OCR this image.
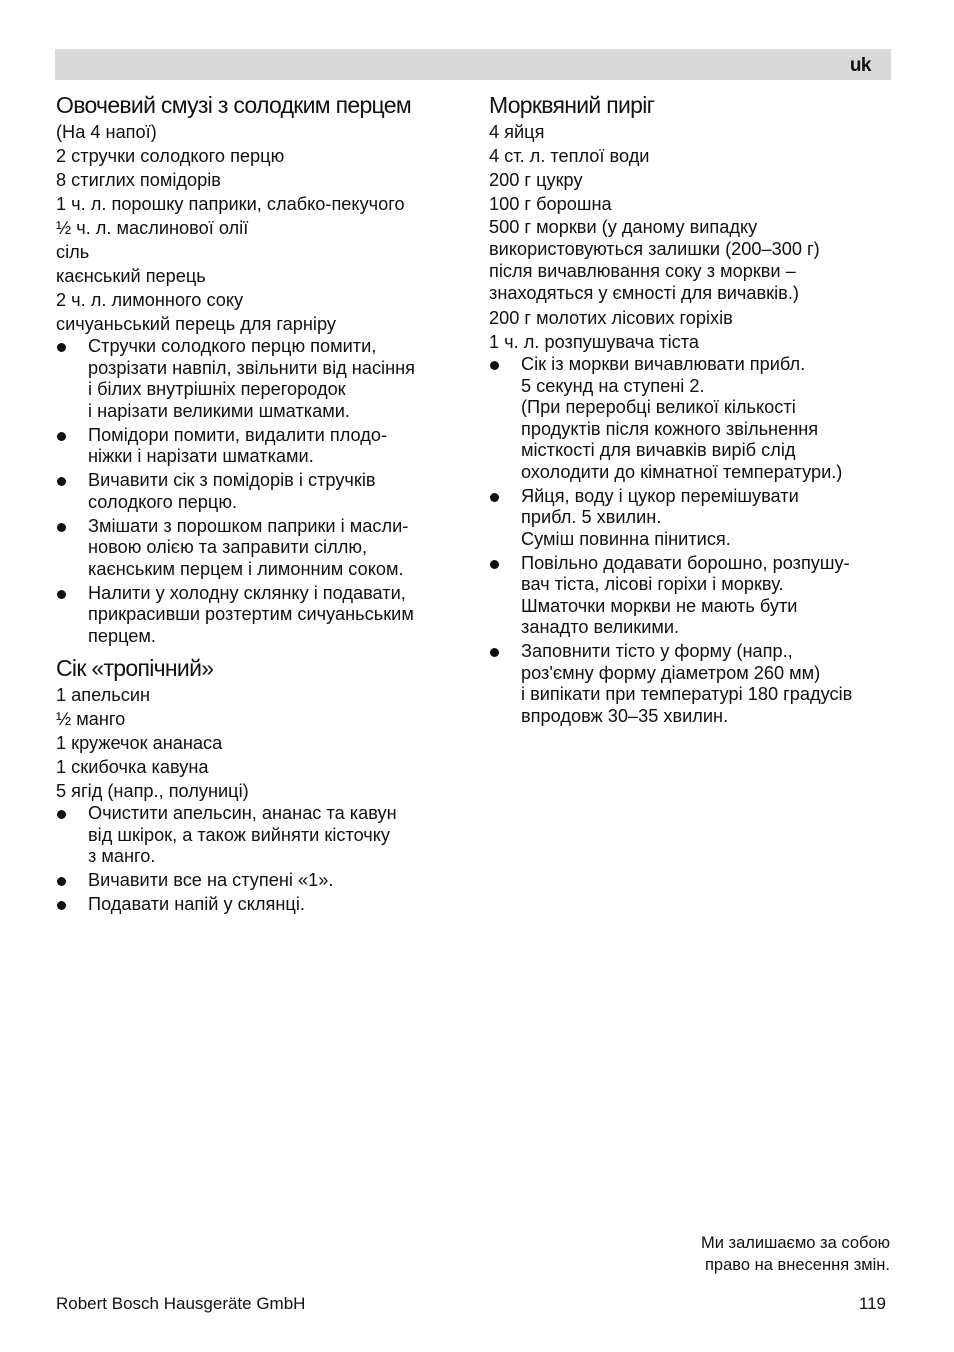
uk
Овочевий смузі з солодким перцем
(На 4 напої)
2 стручки солодкого перцю
8 стиглих помідорів
1 ч. л. порошку паприки, слабко-пекучого
½ ч. л. маслинової олії
сіль
каєнський перець
2 ч. л. лимонного соку
сичуаньський перець для гарніру
Стручки солодкого перцю помити,
розрізати навпіл, звільнити від насіння
і білих внутрішніх перегородок
і нарізати великими шматками.
Помідори помити, видалити плодо-
ніжки і нарізати шматками.
Вичавити сік з помідорів і стручків
солодкого перцю.
Змішати з порошком паприки і масли-
новою олією та заправити сіллю,
каєнським перцем і лимонним соком.
Налити у холодну склянку і подавати,
прикрасивши розтертим сичуаньським
перцем.
Сік «тропічний»
1 апельсин
½ манго
1 кружечок ананаса
1 скибочка кавуна
5 ягід (напр., полуниці)
Очистити апельсин, ананас та кавун
від шкірок, а також вийняти кісточку
з манго.
Вичавити все на ступені «1».
Подавати напій у склянці.
Морквяний пиріг
4 яйця
4 ст. л. теплої води
200 г цукру
100 г борошна
500 г моркви (у даному випадку
використовуються залишки (200–300 г)
після вичавлювання соку з моркви –
знаходяться у ємності для вичавків.)
200 г молотих лісових горіхів
1 ч. л. розпушувача тіста
Сік із моркви вичавлювати прибл.
5 секунд на ступені 2.
(При переробці великої кількості
продуктів після кожного звільнення
місткості для вичавків виріб слід
охолодити до кімнатної температури.)
Яйця, воду і цукор перемішувати
прибл. 5 хвилин.
Суміш повинна пінитися.
Повільно додавати борошно, розпушу-
вач тіста, лісові горіхи і моркву.
Шматочки моркви не мають бути
занадто великими.
Заповнити тісто у форму (напр.,
роз'ємну форму діаметром 260 мм)
і випікати при температурі 180 градусів
впродовж 30–35 хвилин.
Ми залишаємо за собою
право на внесення змін.
Robert Bosch Hausgeräte GmbH	119
